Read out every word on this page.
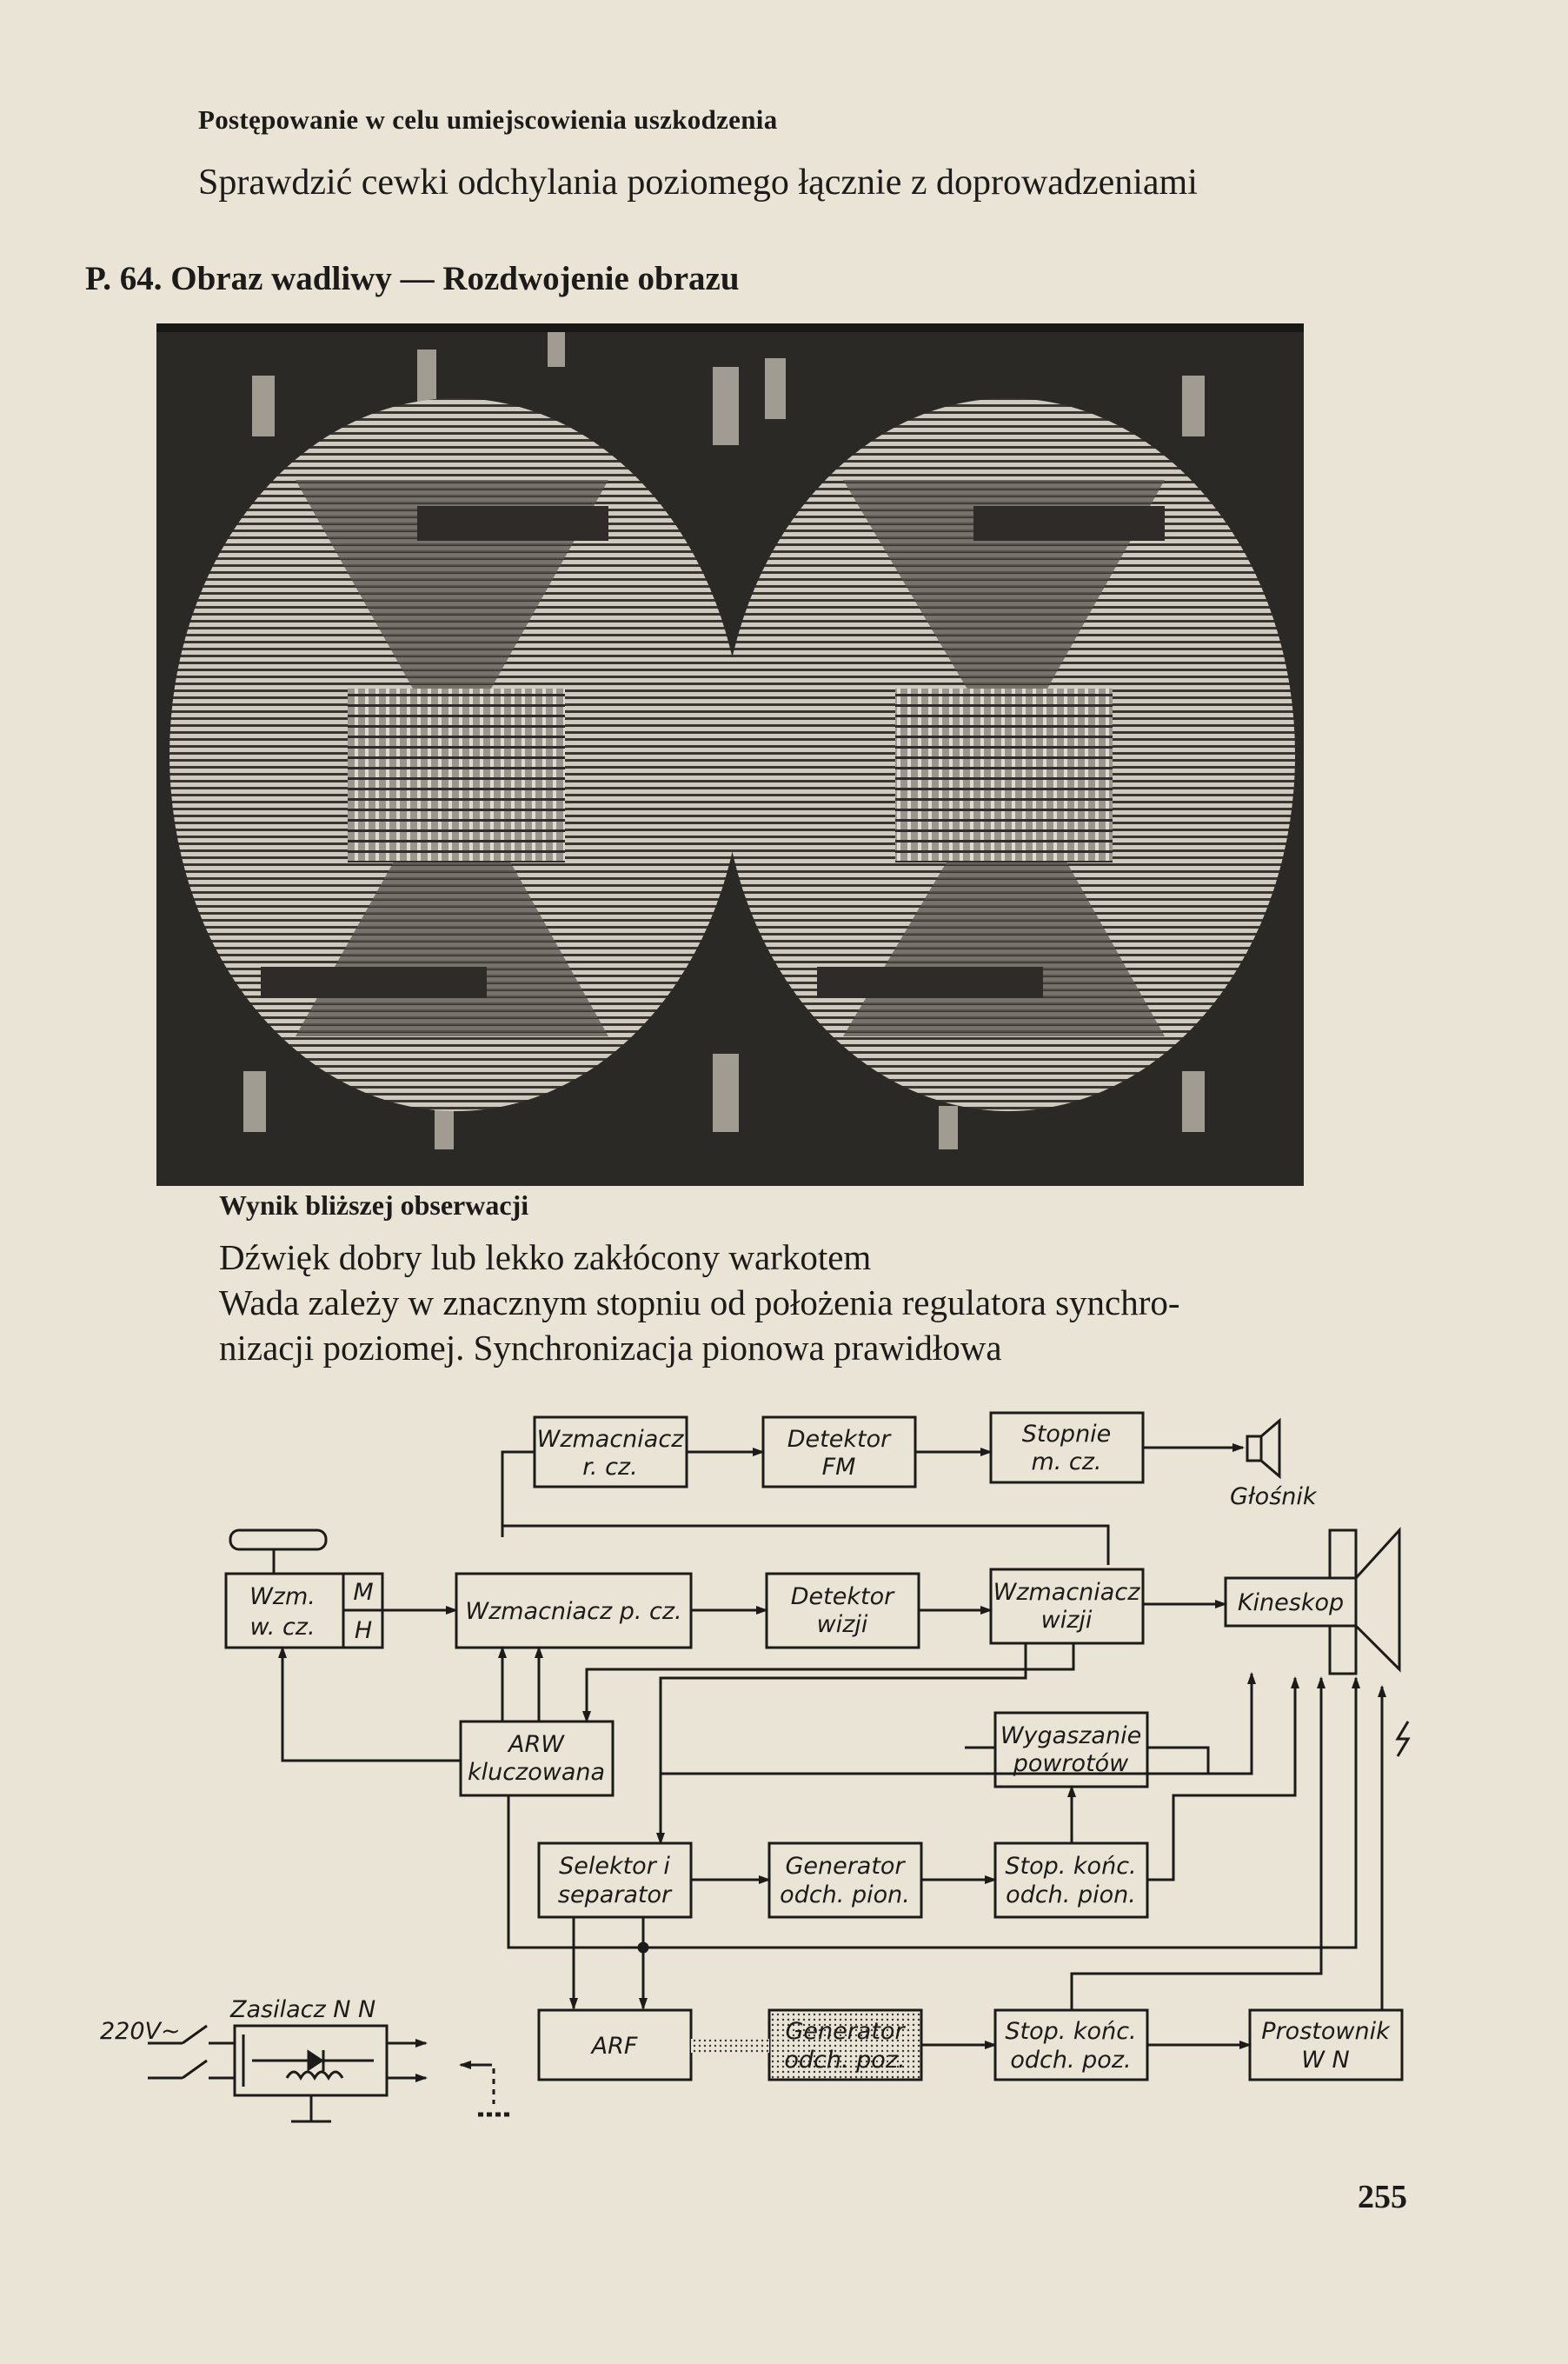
Postępowanie w celu umiejscowienia uszkodzenia
Sprawdzić cewki odchylania poziomego łącznie z doprowadzeniami
P. 64. Obraz wadliwy — Rozdwojenie obrazu
Wynik bliższej obserwacji
Dźwięk dobry lub lekko zakłócony warkotem
Wada zależy w znacznym stopniu od położenia regulatora synchro-
nizacji poziomej. Synchronizacja pionowa prawidłowa
Wzmacniacz
r. cz.
Detektor
FM
Stopnie
m. cz.
Głośnik
Wzm.
w. cz.
M
H
Wzmacniacz p. cz.
Detektor
wizji
Wzmacniacz
wizji
Kineskop
ARW
kluczowana
Wygaszanie
powrotów
Selektor i
separator
Generator
odch. pion.
Stop. końc.
odch. pion.
Zasilacz N N
220V~
ARF
Generator
odch. poz.
Stop. końc.
odch. poz.
Prostownik
W N
255
